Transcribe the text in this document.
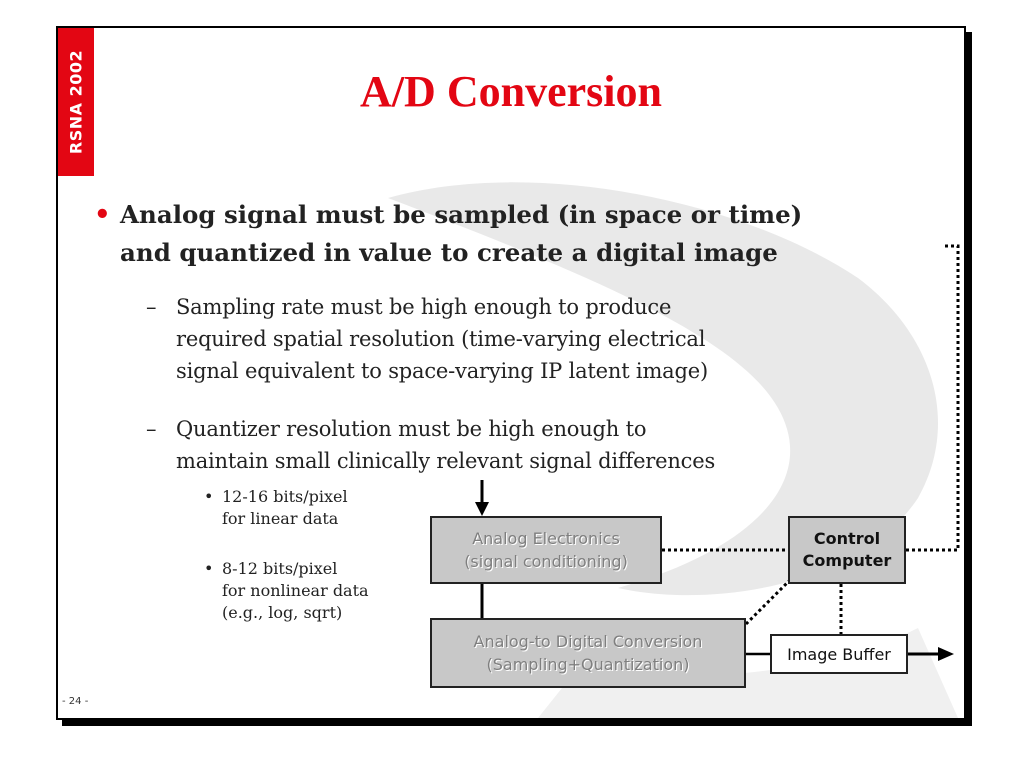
RSNA 2002	A/D Conversion
• Analog signal must be sampled (in space or time)
and quantized in value to create a digital image
– Sampling rate must be high enough to produce
required spatial resolution (time-varying electrical
signal equivalent to space-varying IP latent image)
– Quantizer resolution must be high enough to
maintain small clinically relevant signal differences
• 12-16 bits/pixel
for linear data
• 8-12 bits/pixel
for nonlinear data
(e.g., log, sqrt)
Analog Electronics
(signal conditioning)
Analog-to Digital Conversion
(Sampling+Quantization)
Control
Computer
Image Buffer
- 24 -
